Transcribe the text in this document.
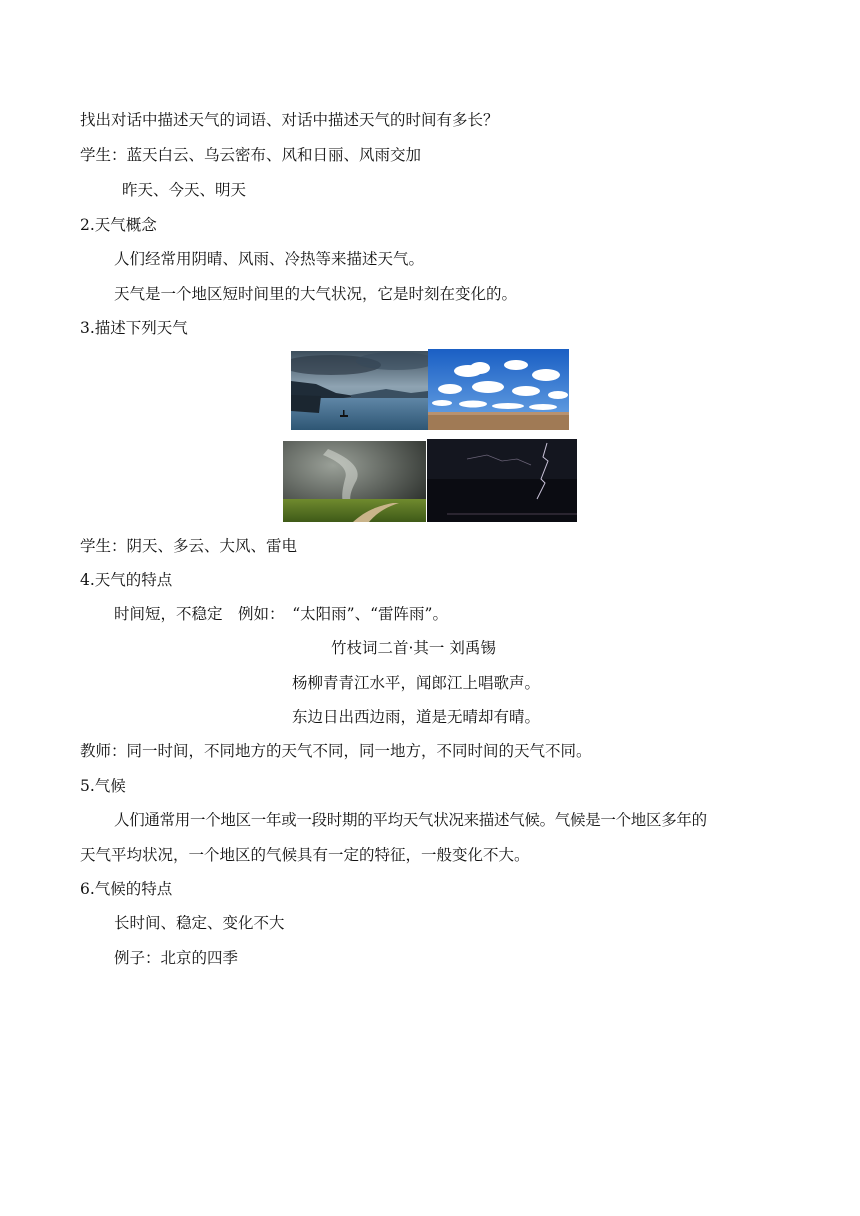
找出对话中描述天气的词语、对话中描述天气的时间有多长？
学生：蓝天白云、乌云密布、风和日丽、风雨交加
昨天、今天、明天
2.天气概念
人们经常用阴晴、风雨、冷热等来描述天气。
天气是一个地区短时间里的大气状况，它是时刻在变化的。
3.描述下列天气
学生：阴天、多云、大风、雷电
4.天气的特点
时间短，不稳定　例如：　“太阳雨”、“雷阵雨”。
竹枝词二首·其一 刘禹锡
杨柳青青江水平，闻郎江上唱歌声。
东边日出西边雨，道是无晴却有晴。
教师：同一时间，不同地方的天气不同，同一地方，不同时间的天气不同。
5.气候
人们通常用一个地区一年或一段时期的平均天气状况来描述气候。气候是一个地区多年的
天气平均状况，一个地区的气候具有一定的特征，一般变化不大。
6.气候的特点
长时间、稳定、变化不大
例子：北京的四季
